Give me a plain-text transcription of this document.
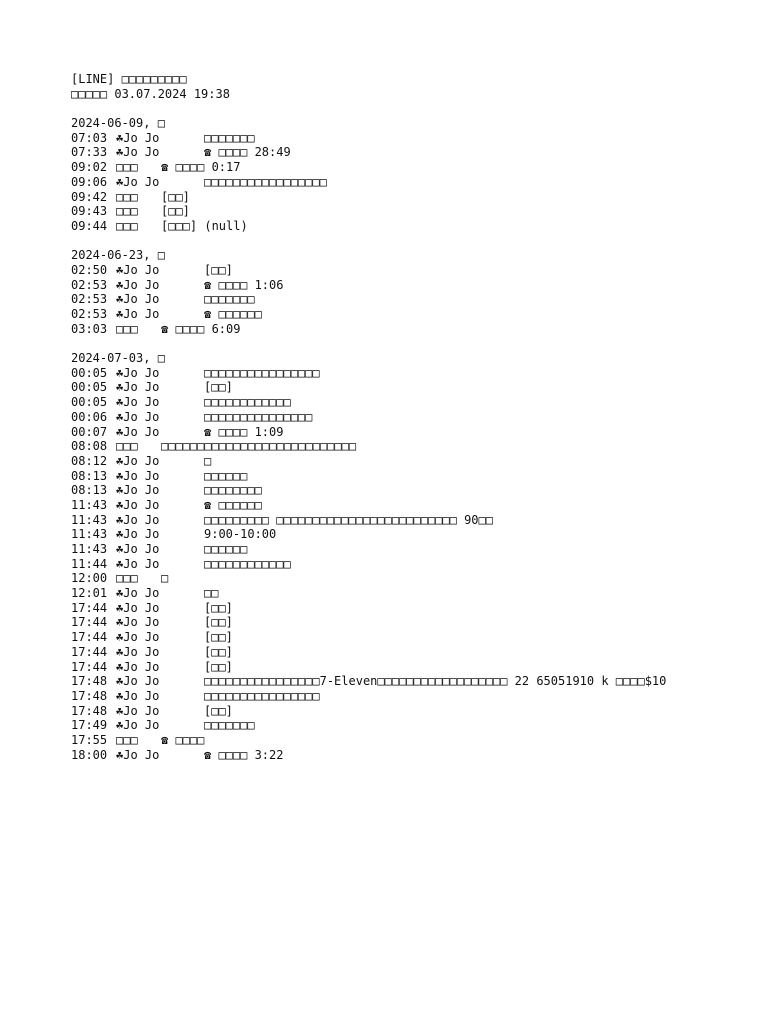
[LINE] □□□□□□□□□
□□□□□ 03.07.2024 19:38
2024-06-09, □
07:03 ☘Jo Jo	□□□□□□□
07:33 ☘Jo Jo	☎ □□□□ 28:49
09:02 □□□ ☎ □□□□ 0:17
09:06 ☘Jo Jo	□□□□□□□□□□□□□□□□□
09:42 □□□ [□□]
09:43 □□□ [□□]
09:44 □□□ [□□□] (null)
2024-06-23, □
02:50 ☘Jo Jo	[□□]
02:53 ☘Jo Jo	☎ □□□□ 1:06
02:53 ☘Jo Jo	□□□□□□□
02:53 ☘Jo Jo	☎ □□□□□□
03:03 □□□ ☎ □□□□ 6:09
2024-07-03, □
00:05 ☘Jo Jo	□□□□□□□□□□□□□□□□
00:05 ☘Jo Jo	[□□]
00:05 ☘Jo Jo	□□□□□□□□□□□□
00:06 ☘Jo Jo	□□□□□□□□□□□□□□□
00:07 ☘Jo Jo	☎ □□□□ 1:09
08:08 □□□ □□□□□□□□□□□□□□□□□□□□□□□□□□□
08:12 ☘Jo Jo	□
08:13 ☘Jo Jo	□□□□□□
08:13 ☘Jo Jo	□□□□□□□□
11:43 ☘Jo Jo	☎ □□□□□□
11:43 ☘Jo Jo	□□□□□□□□□ □□□□□□□□□□□□□□□□□□□□□□□□□ 90□□
11:43 ☘Jo Jo	9:00-10:00
11:43 ☘Jo Jo	□□□□□□
11:44 ☘Jo Jo	□□□□□□□□□□□□
12:00 □□□ □
12:01 ☘Jo Jo	□□
17:44 ☘Jo Jo	[□□]
17:44 ☘Jo Jo	[□□]
17:44 ☘Jo Jo	[□□]
17:44 ☘Jo Jo	[□□]
17:44 ☘Jo Jo	[□□]
17:48 ☘Jo Jo	□□□□□□□□□□□□□□□□7-Eleven□□□□□□□□□□□□□□□□□□ 22 65051910 k □□□□$10
17:48 ☘Jo Jo	□□□□□□□□□□□□□□□□
17:48 ☘Jo Jo	[□□]
17:49 ☘Jo Jo	□□□□□□□
17:55 □□□ ☎ □□□□
18:00 ☘Jo Jo	☎ □□□□ 3:22
